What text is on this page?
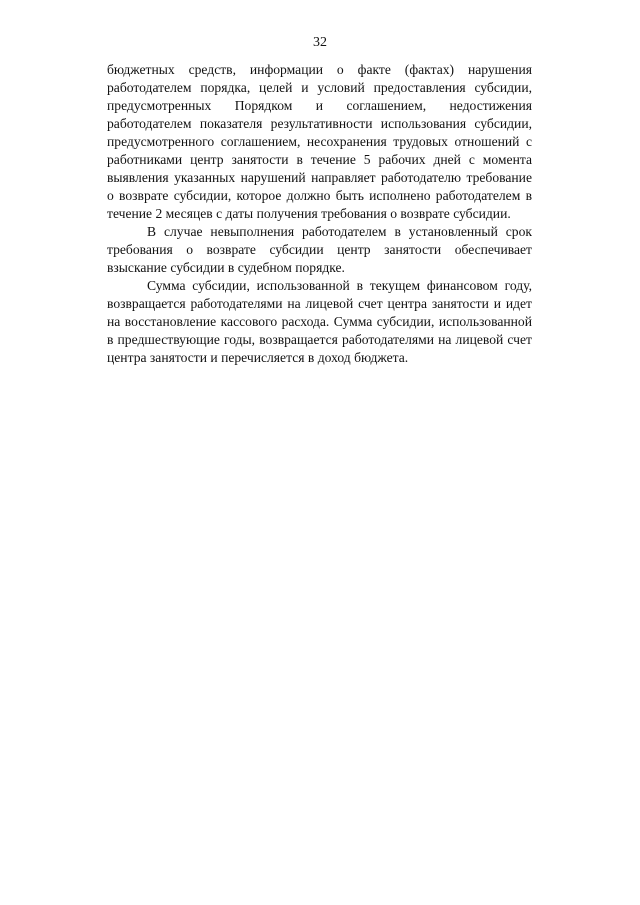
32

бюджетных средств, информации о факте (фактах) нарушения работодателем порядка, целей и условий предоставления субсидии, предусмотренных Порядком и соглашением, недостижения работодателем показателя результативности использования субсидии, предусмотренного соглашением, несохранения трудовых отношений с работниками центр занятости в течение 5 рабочих дней с момента выявления указанных нарушений направляет работодателю требование о возврате субсидии, которое должно быть исполнено работодателем в течение 2 месяцев с даты получения требования о возврате субсидии.

В случае невыполнения работодателем в установленный срок требования о возврате субсидии центр занятости обеспечивает взыскание субсидии в судебном порядке.

Сумма субсидии, использованной в текущем финансовом году, возвращается работодателями на лицевой счет центра занятости и идет на восстановление кассового расхода. Сумма субсидии, использованной в предшествующие годы, возвращается работодателями на лицевой счет центра занятости и перечисляется в доход бюджета.
